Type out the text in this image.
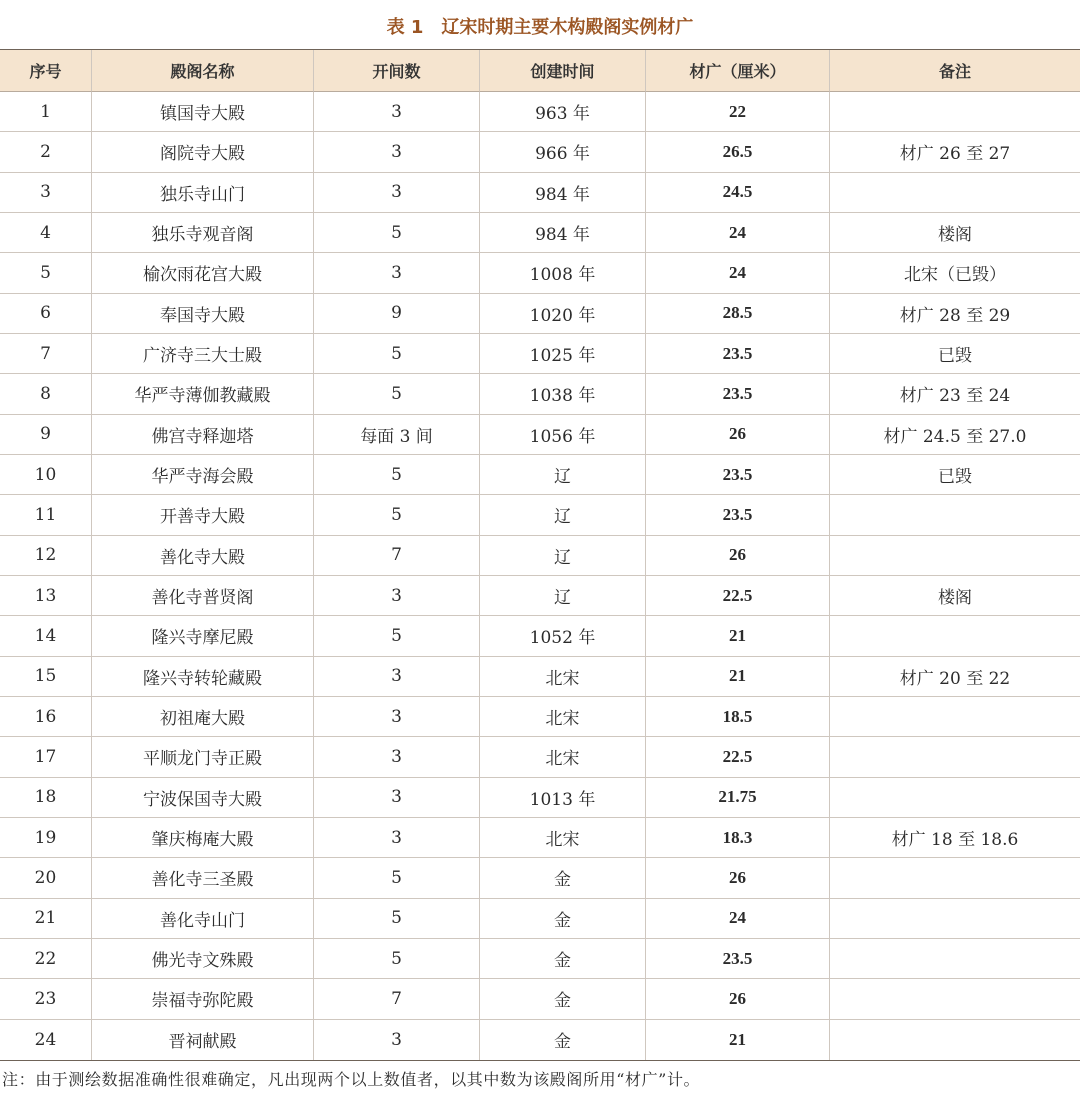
表 1 辽宋时期主要木构殿阁实例材广
序号	殿阁名称	开间数	创建时间	材广（厘米）	备注
1	镇国寺大殿	3	963 年	22
2	阁院寺大殿	3	966 年	26.5	材广 26 至 27
3	独乐寺山门	3	984 年	24.5
4	独乐寺观音阁	5	984 年	24	楼阁
5	榆次雨花宫大殿	3	1008 年	24	北宋（已毁）
6	奉国寺大殿	9	1020 年	28.5	材广 28 至 29
7	广济寺三大士殿	5	1025 年	23.5	已毁
8	华严寺薄伽教藏殿	5	1038 年	23.5	材广 23 至 24
9	佛宫寺释迦塔	每面 3 间	1056 年	26	材广 24.5 至 27.0
10	华严寺海会殿	5	辽	23.5	已毁
11	开善寺大殿	5	辽	23.5
12	善化寺大殿	7	辽	26
13	善化寺普贤阁	3	辽	22.5	楼阁
14	隆兴寺摩尼殿	5	1052 年	21
15	隆兴寺转轮藏殿	3	北宋	21	材广 20 至 22
16	初祖庵大殿	3	北宋	18.5
17	平顺龙门寺正殿	3	北宋	22.5
18	宁波保国寺大殿	3	1013 年	21.75
19	肇庆梅庵大殿	3	北宋	18.3	材广 18 至 18.6
20	善化寺三圣殿	5	金	26
21	善化寺山门	5	金	24
22	佛光寺文殊殿	5	金	23.5
23	崇福寺弥陀殿	7	金	26
24	晋祠献殿	3	金	21
注：由于测绘数据准确性很难确定，凡出现两个以上数值者，以其中数为该殿阁所用“材广”计。
